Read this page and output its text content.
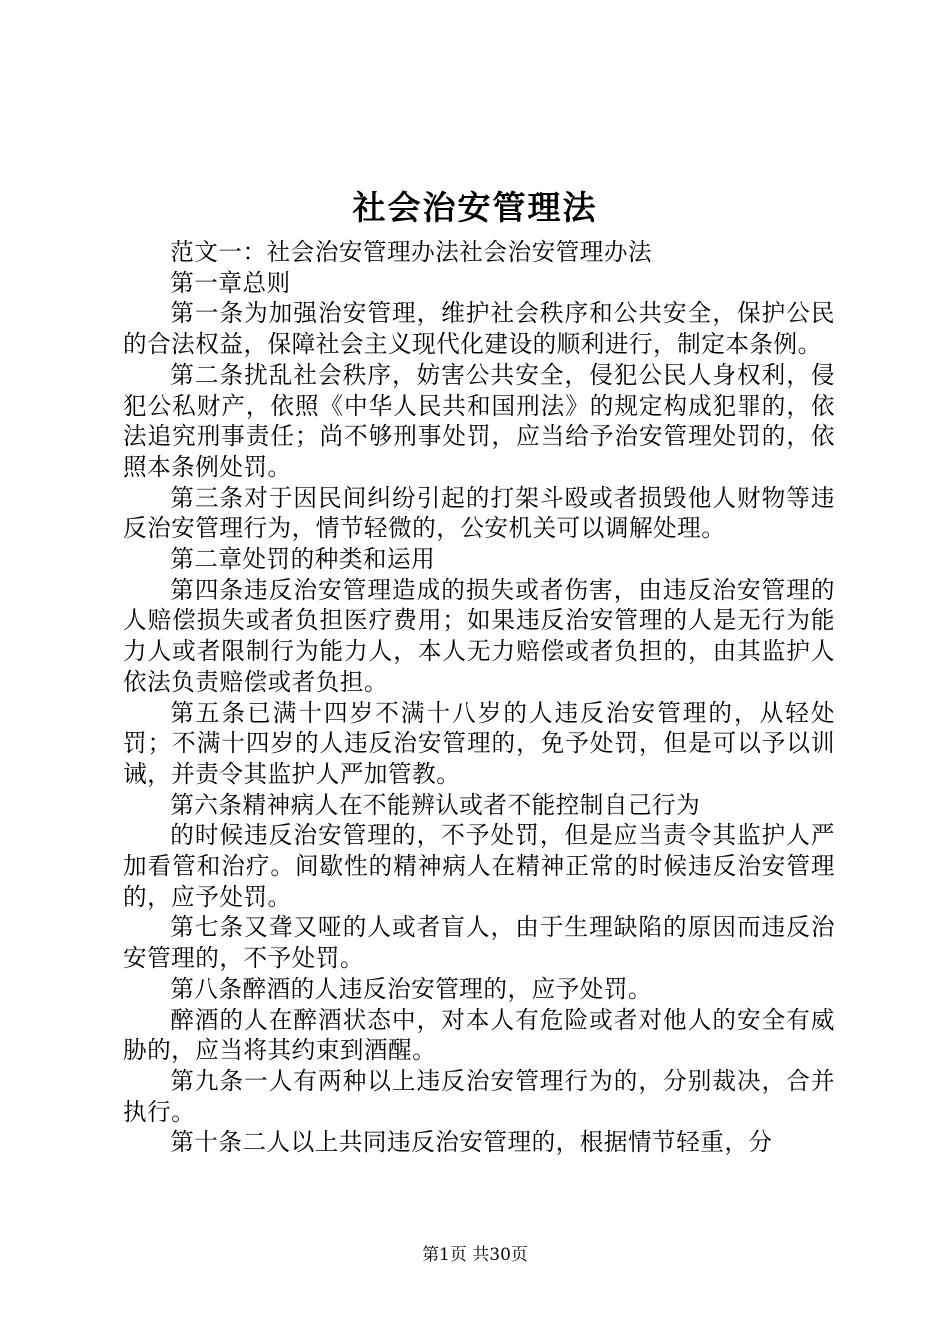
社会治安管理法

范文一：社会治安管理办法社会治安管理办法

第一章总则

第一条为加强治安管理，维护社会秩序和公共安全，保护公民的合法权益，保障社会主义现代化建设的顺利进行，制定本条例。

第二条扰乱社会秩序，妨害公共安全，侵犯公民人身权利，侵犯公私财产，依照《中华人民共和国刑法》的规定构成犯罪的，依法追究刑事责任；尚不够刑事处罚，应当给予治安管理处罚的，依照本条例处罚。

第三条对于因民间纠纷引起的打架斗殴或者损毁他人财物等违反治安管理行为，情节轻微的，公安机关可以调解处理。

第二章处罚的种类和运用

第四条违反治安管理造成的损失或者伤害，由违反治安管理的人赔偿损失或者负担医疗费用；如果违反治安管理的人是无行为能力人或者限制行为能力人，本人无力赔偿或者负担的，由其监护人依法负责赔偿或者负担。

第五条已满十四岁不满十八岁的人违反治安管理的，从轻处罚；不满十四岁的人违反治安管理的，免予处罚，但是可以予以训诫，并责令其监护人严加管教。

第六条精神病人在不能辨认或者不能控制自己行为

的时候违反治安管理的，不予处罚，但是应当责令其监护人严加看管和治疗。间歇性的精神病人在精神正常的时候违反治安管理的，应予处罚。

第七条又聋又哑的人或者盲人，由于生理缺陷的原因而违反治安管理的，不予处罚。

第八条醉酒的人违反治安管理的，应予处罚。

醉酒的人在醉酒状态中，对本人有危险或者对他人的安全有威胁的，应当将其约束到酒醒。

第九条一人有两种以上违反治安管理行为的，分别裁决，合并执行。

第十条二人以上共同违反治安管理的，根据情节轻重，分

第1页 共30页
